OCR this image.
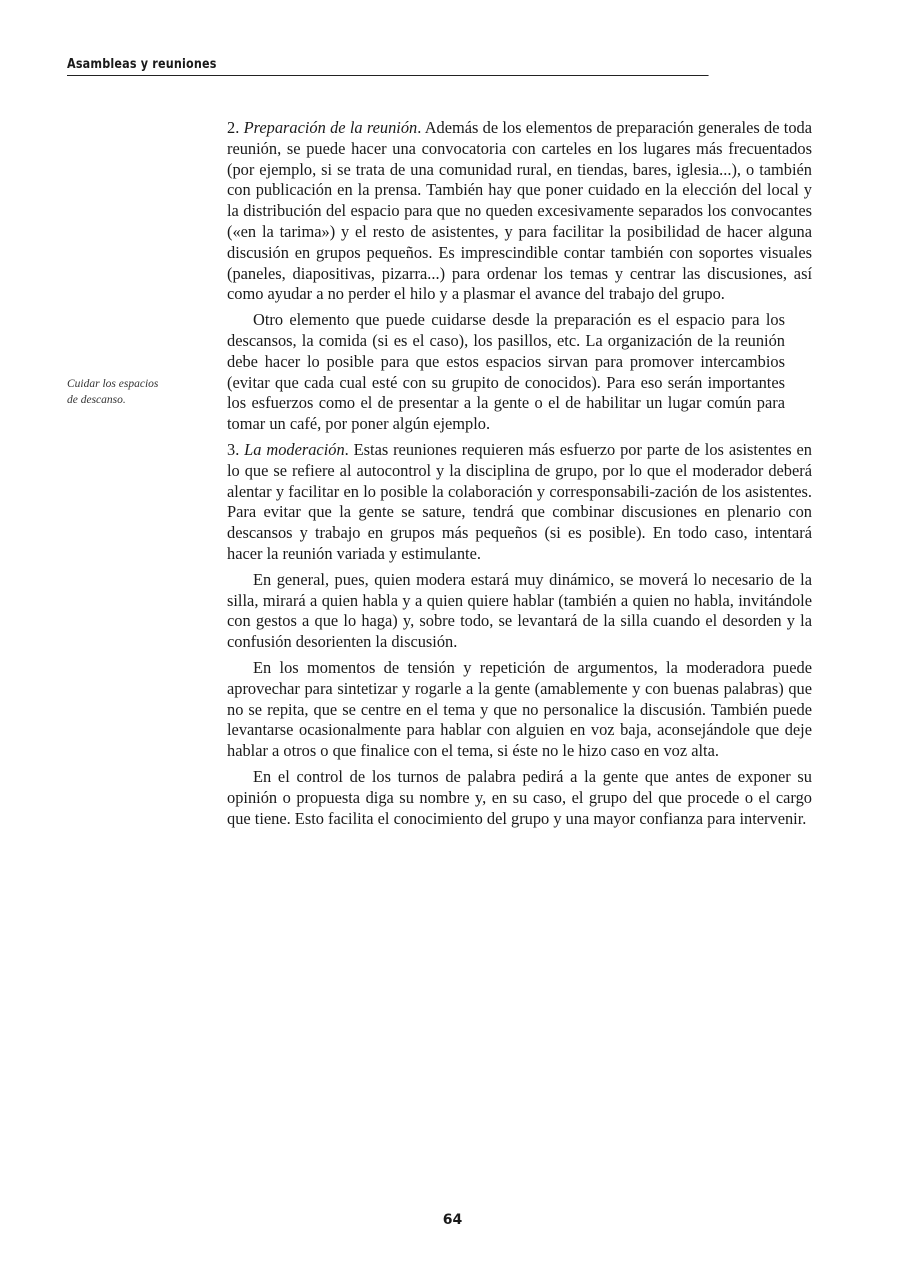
Asambleas y reuniones
Cuidar los espacios
de descanso.

2. Preparación de la reunión. Además de los elementos de preparación generales de toda reunión, se puede hacer una convocatoria con carteles en los lugares más frecuentados (por ejemplo, si se trata de una comunidad rural, en tiendas, bares, iglesia...), o también con publicación en la prensa. También hay que poner cuidado en la elección del local y la distribución del espacio para que no queden excesivamente separados los convocantes («en la tarima») y el resto de asistentes, y para facilitar la posibilidad de hacer alguna discusión en grupos pequeños. Es imprescindible contar también con soportes visuales (paneles, diapositivas, pizarra...) para ordenar los temas y centrar las discusiones, así como ayudar a no perder el hilo y a plasmar el avance del trabajo del grupo.

Otro elemento que puede cuidarse desde la preparación es el espacio para los descansos, la comida (si es el caso), los pasillos, etc. La organización de la reunión debe hacer lo posible para que estos espacios sirvan para promover intercambios (evitar que cada cual esté con su grupito de conocidos). Para eso serán importantes los esfuerzos como el de presentar a la gente o el de habilitar un lugar común para tomar un café, por poner algún ejemplo.

3. La moderación. Estas reuniones requieren más esfuerzo por parte de los asistentes en lo que se refiere al autocontrol y la disciplina de grupo, por lo que el moderador deberá alentar y facilitar en lo posible la colaboración y corresponsabili-zación de los asistentes. Para evitar que la gente se sature, tendrá que combinar discusiones en plenario con descansos y trabajo en grupos más pequeños (si es posible). En todo caso, intentará hacer la reunión variada y estimulante.

En general, pues, quien modera estará muy dinámico, se moverá lo necesario de la silla, mirará a quien habla y a quien quiere hablar (también a quien no habla, invitándole con gestos a que lo haga) y, sobre todo, se levantará de la silla cuando el desorden y la confusión desorienten la discusión.

En los momentos de tensión y repetición de argumentos, la moderadora puede aprovechar para sintetizar y rogarle a la gente (amablemente y con buenas palabras) que no se repita, que se centre en el tema y que no personalice la discusión. También puede levantarse ocasionalmente para hablar con alguien en voz baja, aconsejándole que deje hablar a otros o que finalice con el tema, si éste no le hizo caso en voz alta.

En el control de los turnos de palabra pedirá a la gente que antes de exponer su opinión o propuesta diga su nombre y, en su caso, el grupo del que procede o el cargo que tiene. Esto facilita el conocimiento del grupo y una mayor confianza para intervenir.

64
